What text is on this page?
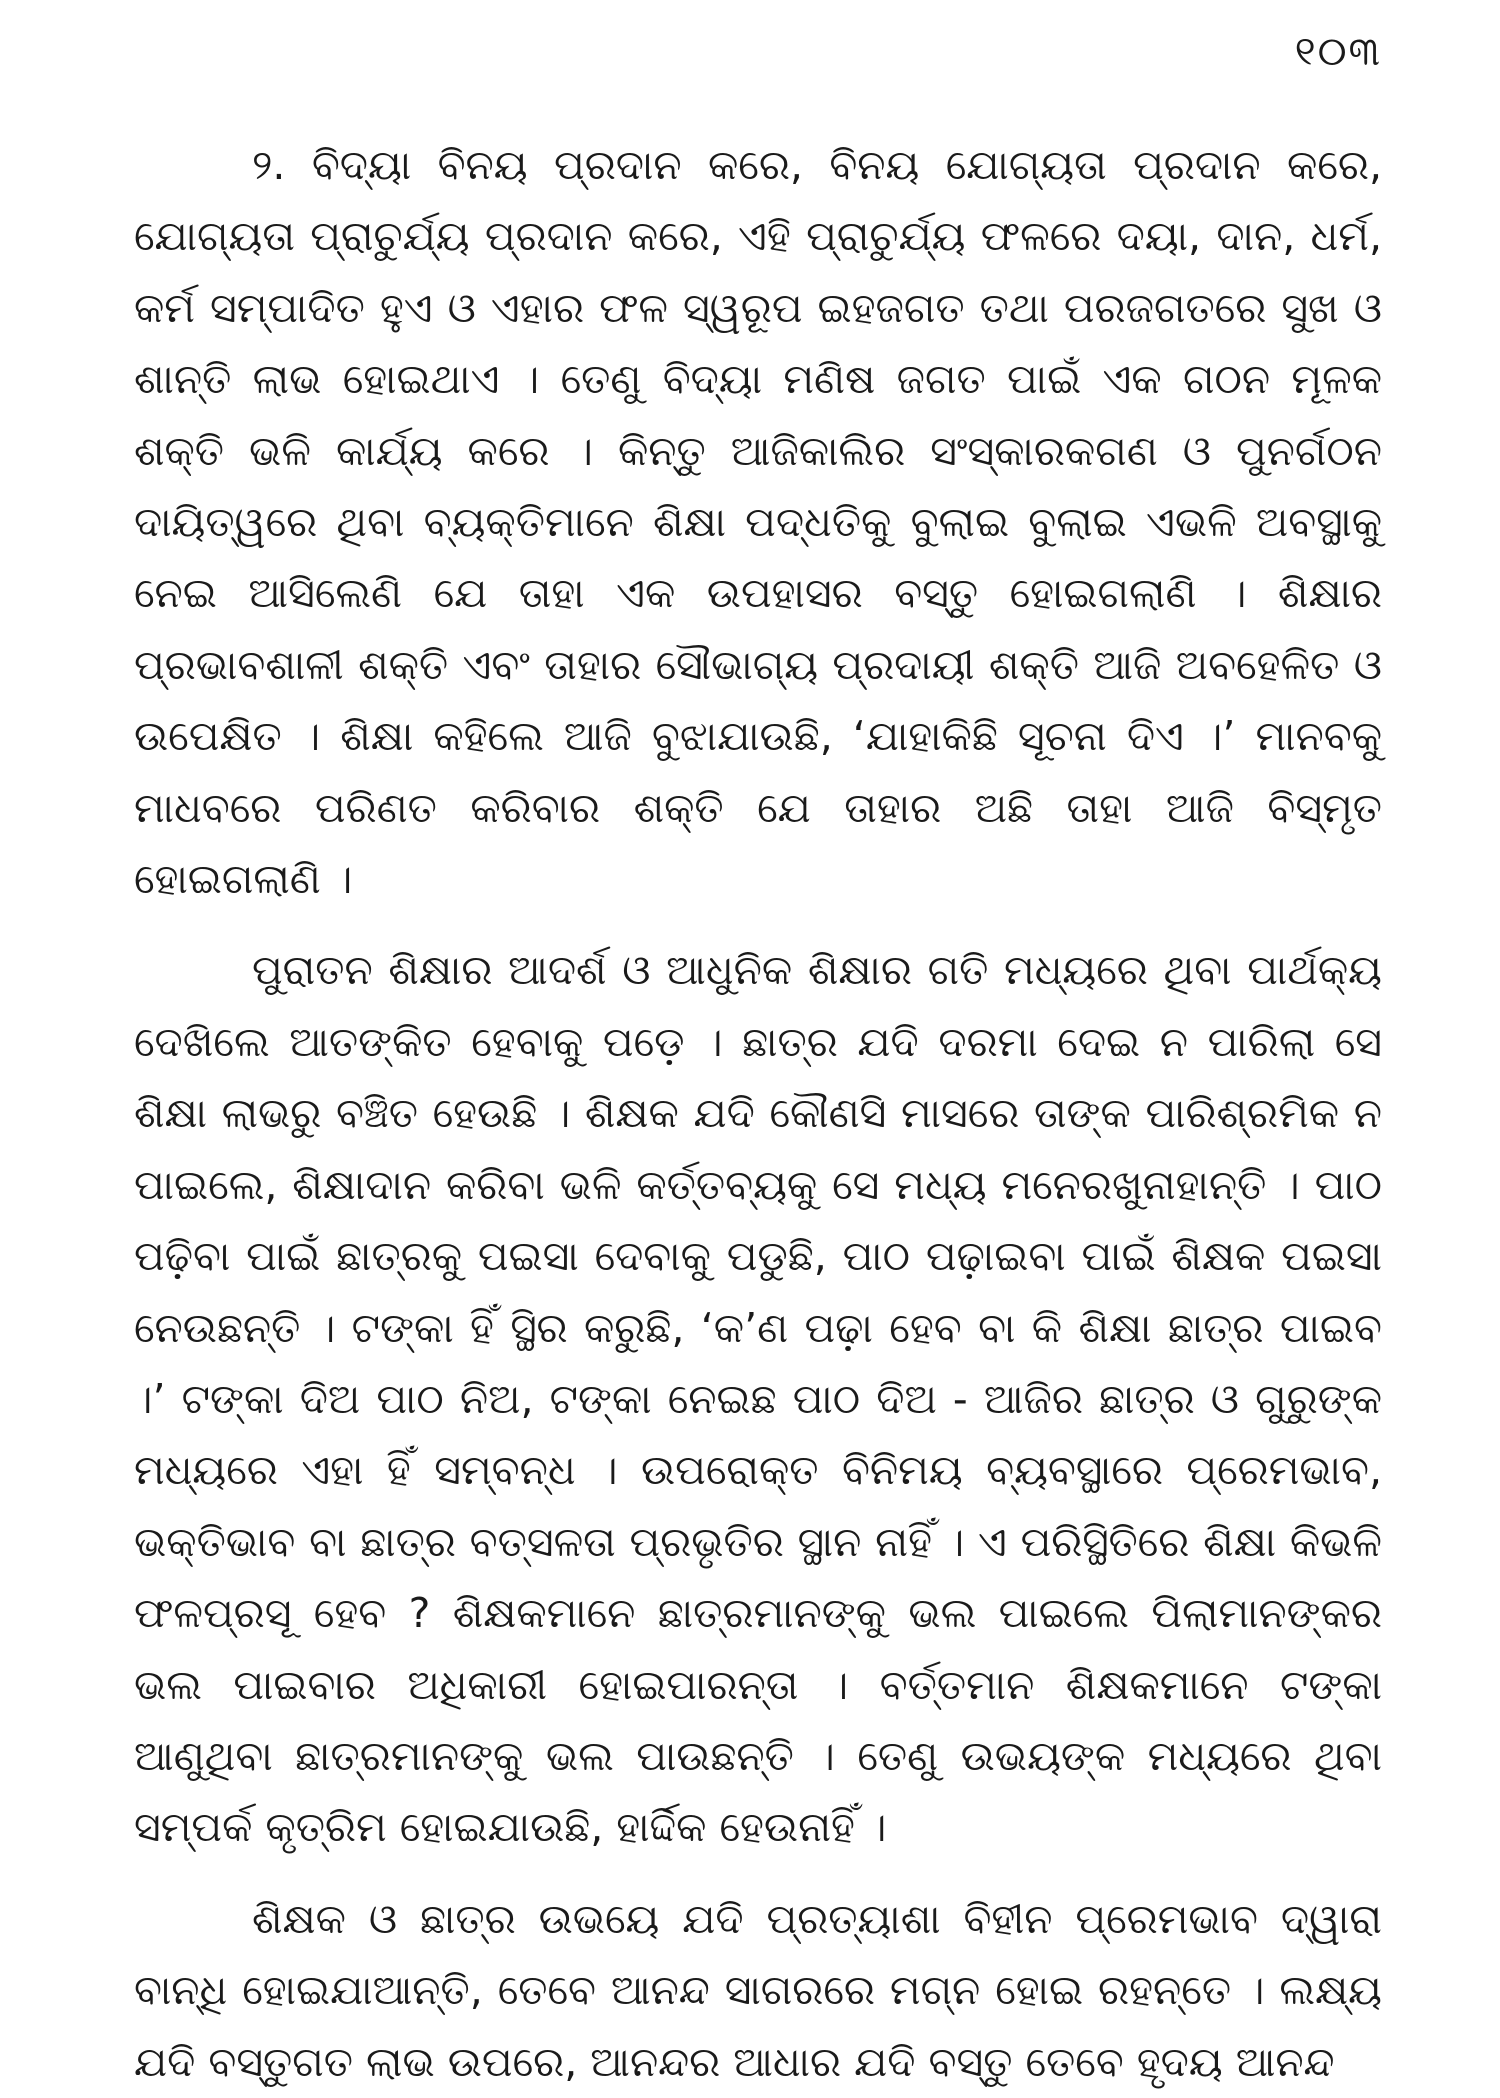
୧୦୩

୨. ବିଦ୍ୟା ବିନୟ ପ୍ରଦାନ କରେ, ବିନୟ ଯୋଗ୍ୟତା ପ୍ରଦାନ କରେ, ଯୋଗ୍ୟତା ପ୍ରାଚୁର୍ଯ୍ୟ ପ୍ରଦାନ କରେ, ଏହି ପ୍ରାଚୁର୍ଯ୍ୟ ଫଳରେ ଦୟା, ଦାନ, ଧର୍ମ, କର୍ମ ସମ୍ପାଦିତ ହୁଏ ଓ ଏହାର ଫଳ ସ୍ୱରୂପ ଇହଜଗତ ତଥା ପରଜଗତରେ ସୁଖ ଓ ଶାନ୍ତି ଲାଭ ହୋଇଥାଏ । ତେଣୁ ବିଦ୍ୟା ମଣିଷ ଜଗତ ପାଇଁ ଏକ ଗଠନ ମୂଳକ ଶକ୍ତି ଭଳି କାର୍ଯ୍ୟ କରେ । କିନ୍ତୁ ଆଜିକାଲିର ସଂସ୍କାରକଗଣ ଓ ପୁନର୍ଗଠନ ଦାୟିତ୍ୱରେ ଥିବା ବ୍ୟକ୍ତିମାନେ ଶିକ୍ଷା ପଦ୍ଧତିକୁ ବୁଲାଇ ବୁଲାଇ ଏଭଳି ଅବସ୍ଥାକୁ ନେଇ ଆସିଲେଣି ଯେ ତାହା ଏକ ଉପହାସର ବସ୍ତୁ ହୋଇଗଲାଣି । ଶିକ୍ଷାର ପ୍ରଭାବଶାଳୀ ଶକ୍ତି ଏବଂ ତାହାର ସୌଭାଗ୍ୟ ପ୍ରଦାୟୀ ଶକ୍ତି ଆଜି ଅବହେଳିତ ଓ ଉପେକ୍ଷିତ । ଶିକ୍ଷା କହିଲେ ଆଜି ବୁଝାଯାଉଛି, ‘ଯାହାକିଛି ସୂଚନା ଦିଏ ।’ ମାନବକୁ ମାଧବରେ ପରିଣତ କରିବାର ଶକ୍ତି ଯେ ତାହାର ଅଛି ତାହା ଆଜି ବିସ୍ମୃତ ହୋଇଗଲାଣି ।

ପୁରାତନ ଶିକ୍ଷାର ଆଦର୍ଶ ଓ ଆଧୁନିକ ଶିକ୍ଷାର ଗତି ମଧ୍ୟରେ ଥିବା ପାର୍ଥକ୍ୟ ଦେଖିଲେ ଆତଙ୍କିତ ହେବାକୁ ପଡ଼େ । ଛାତ୍ର ଯଦି ଦରମା ଦେଇ ନ ପାରିଲା ସେ ଶିକ୍ଷା ଲାଭରୁ ବଞ୍ଚିତ ହେଉଛି । ଶିକ୍ଷକ ଯଦି କୌଣସି ମାସରେ ତାଙ୍କ ପାରିଶ୍ରମିକ ନ ପାଇଲେ, ଶିକ୍ଷାଦାନ କରିବା ଭଳି କର୍ତ୍ତବ୍ୟକୁ ସେ ମଧ୍ୟ ମନେରଖୁନାହାନ୍ତି । ପାଠ ପଢ଼ିବା ପାଇଁ ଛାତ୍ରକୁ ପଇସା ଦେବାକୁ ପଡୁଛି, ପାଠ ପଢ଼ାଇବା ପାଇଁ ଶିକ୍ଷକ ପଇସା ନେଉଛନ୍ତି । ଟଙ୍କା ହିଁ ସ୍ଥିର କରୁଛି, ‘କ’ଣ ପଢ଼ା ହେବ ବା କି ଶିକ୍ଷା ଛାତ୍ର ପାଇବ ।’ ଟଙ୍କା ଦିଅ ପାଠ ନିଅ, ଟଙ୍କା ନେଇଛ ପାଠ ଦିଅ - ଆଜିର ଛାତ୍ର ଓ ଗୁରୁଙ୍କ ମଧ୍ୟରେ ଏହା ହିଁ ସମ୍ବନ୍ଧ । ଉପରୋକ୍ତ ବିନିମୟ ବ୍ୟବସ୍ଥାରେ ପ୍ରେମଭାବ, ଭକ୍ତିଭାବ ବା ଛାତ୍ର ବତ୍ସଳତା ପ୍ରଭୃତିର ସ୍ଥାନ ନାହିଁ । ଏ ପରିସ୍ଥିତିରେ ଶିକ୍ଷା କିଭଳି ଫଳପ୍ରସୂ ହେବ ? ଶିକ୍ଷକମାନେ ଛାତ୍ରମାନଙ୍କୁ ଭଲ ପାଇଲେ ପିଲାମାନଙ୍କର ଭଲ ପାଇବାର ଅଧିକାରୀ ହୋଇପାରନ୍ତା । ବର୍ତ୍ତମାନ ଶିକ୍ଷକମାନେ ଟଙ୍କା ଆଣୁଥିବା ଛାତ୍ରମାନଙ୍କୁ ଭଲ ପାଉଛନ୍ତି । ତେଣୁ ଉଭୟଙ୍କ ମଧ୍ୟରେ ଥିବା ସମ୍ପର୍କ କୃତ୍ରିମ ହୋଇଯାଉଛି, ହାର୍ଦ୍ଦିକ ହେଉନାହିଁ ।

ଶିକ୍ଷକ ଓ ଛାତ୍ର ଉଭୟେ ଯଦି ପ୍ରତ୍ୟାଶା ବିହୀନ ପ୍ରେମଭାବ ଦ୍ୱାରା ବାନ୍ଧି ହୋଇଯାଆନ୍ତି, ତେବେ ଆନନ୍ଦ ସାଗରରେ ମଗ୍ନ ହୋଇ ରହନ୍ତେ । ଲକ୍ଷ୍ୟ ଯଦି ବସ୍ତୁଗତ ଲାଭ ଉପରେ, ଆନନ୍ଦର ଆଧାର ଯଦି ବସ୍ତୁ ତେବେ ହୃଦୟ ଆନନ୍ଦ
